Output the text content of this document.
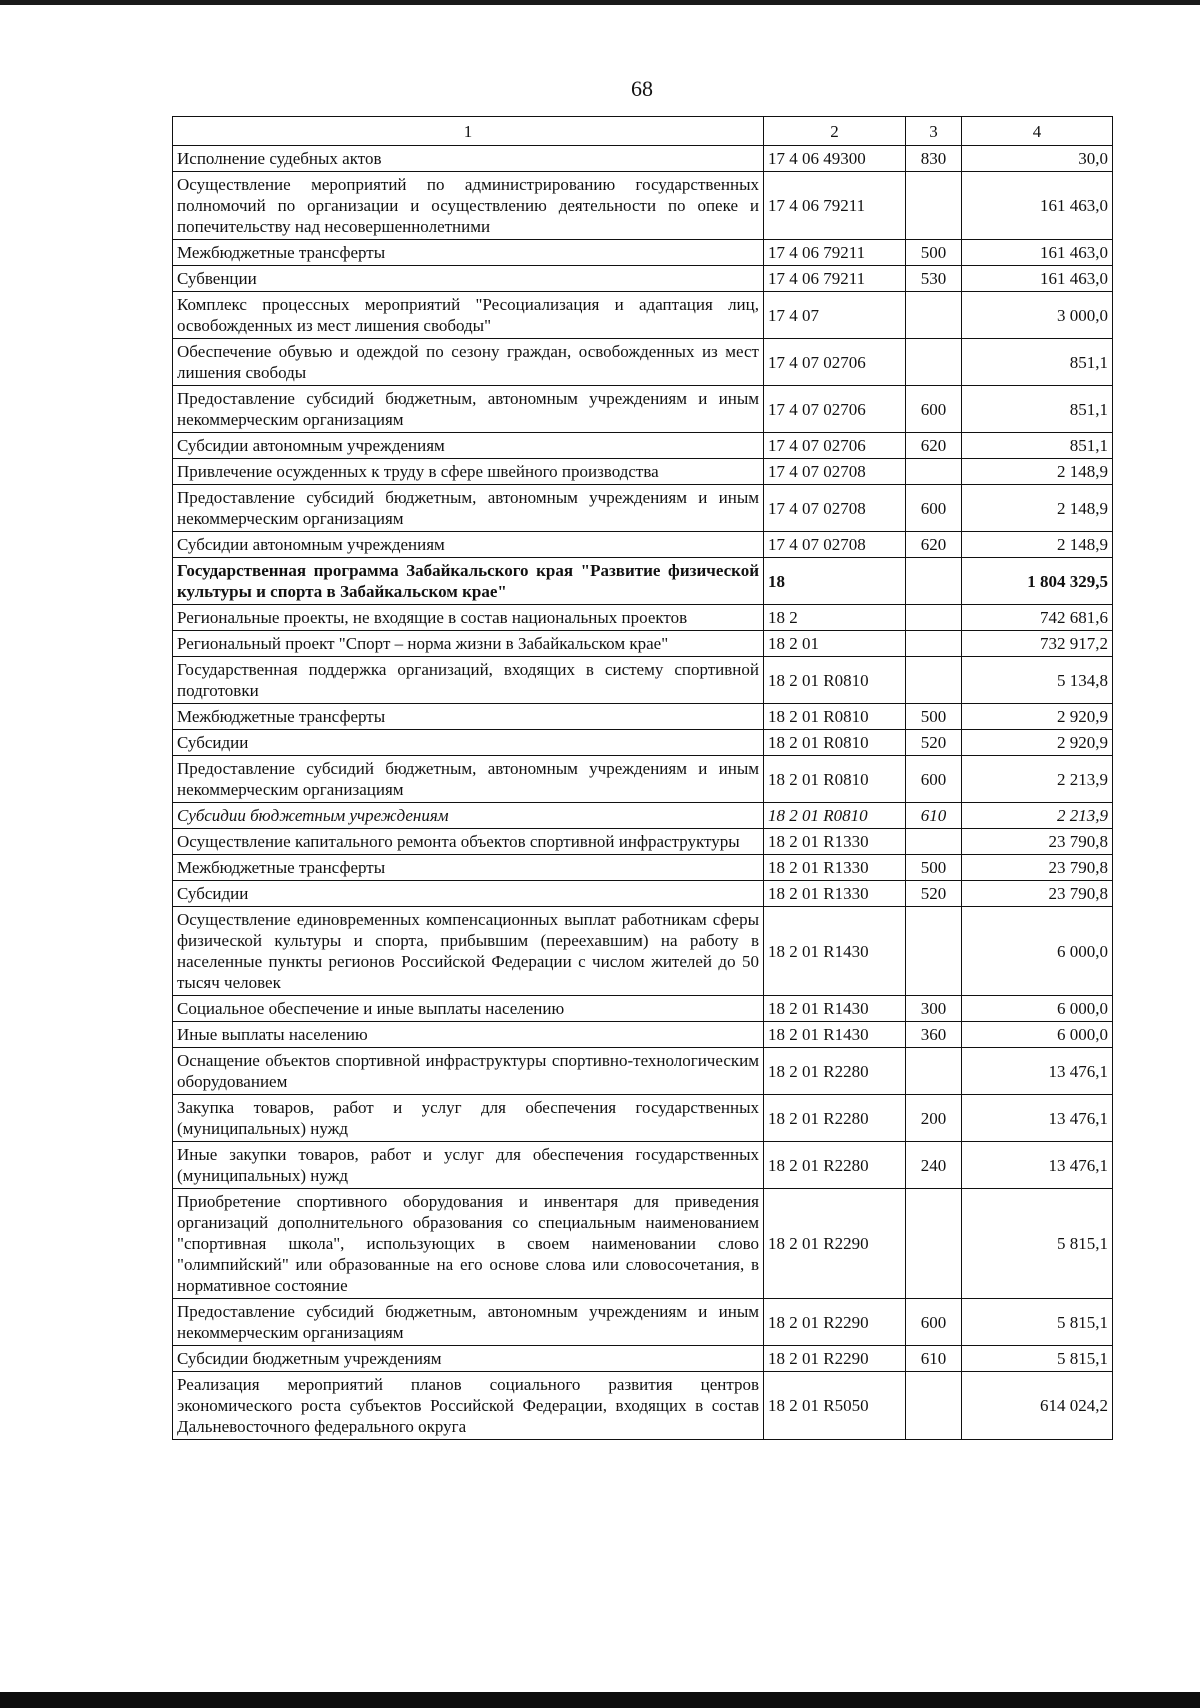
68
1	2	3	4
Исполнение судебных актов	17 4 06 49300	830	30,0
Осуществление мероприятий по администрированию государственных полномочий по организации и осуществлению деятельности по опеке и попечительству над несовершеннолетними	17 4 06 79211		161 463,0
Межбюджетные трансферты	17 4 06 79211	500	161 463,0
Субвенции	17 4 06 79211	530	161 463,0
Комплекс процессных мероприятий "Ресоциализация и адаптация лиц, освобожденных из мест лишения свободы"	17 4 07		3 000,0
Обеспечение обувью и одеждой по сезону граждан, освобожденных из мест лишения свободы	17 4 07 02706		851,1
Предоставление субсидий бюджетным, автономным учреждениям и иным некоммерческим организациям	17 4 07 02706	600	851,1
Субсидии автономным учреждениям	17 4 07 02706	620	851,1
Привлечение осужденных к труду в сфере швейного производства	17 4 07 02708		2 148,9
Предоставление субсидий бюджетным, автономным учреждениям и иным некоммерческим организациям	17 4 07 02708	600	2 148,9
Субсидии автономным учреждениям	17 4 07 02708	620	2 148,9
Государственная программа Забайкальского края "Развитие физической культуры и спорта в Забайкальском крае"	18		1 804 329,5
Региональные проекты, не входящие в состав национальных проектов	18 2		742 681,6
Региональный проект "Спорт – норма жизни в Забайкальском крае"	18 2 01		732 917,2
Государственная поддержка организаций, входящих в систему спортивной подготовки	18 2 01 R0810		5 134,8
Межбюджетные трансферты	18 2 01 R0810	500	2 920,9
Субсидии	18 2 01 R0810	520	2 920,9
Предоставление субсидий бюджетным, автономным учреждениям и иным некоммерческим организациям	18 2 01 R0810	600	2 213,9
Субсидии бюджетным учреждениям	18 2 01 R0810	610	2 213,9
Осуществление капитального ремонта объектов спортивной инфраструктуры	18 2 01 R1330		23 790,8
Межбюджетные трансферты	18 2 01 R1330	500	23 790,8
Субсидии	18 2 01 R1330	520	23 790,8
Осуществление единовременных компенсационных выплат работникам сферы физической культуры и спорта, прибывшим (переехавшим) на работу в населенные пункты регионов Российской Федерации с числом жителей до 50 тысяч человек	18 2 01 R1430		6 000,0
Социальное обеспечение и иные выплаты населению	18 2 01 R1430	300	6 000,0
Иные выплаты населению	18 2 01 R1430	360	6 000,0
Оснащение объектов спортивной инфраструктуры спортивно-технологическим оборудованием	18 2 01 R2280		13 476,1
Закупка товаров, работ и услуг для обеспечения государственных (муниципальных) нужд	18 2 01 R2280	200	13 476,1
Иные закупки товаров, работ и услуг для обеспечения государственных (муниципальных) нужд	18 2 01 R2280	240	13 476,1
Приобретение спортивного оборудования и инвентаря для приведения организаций дополнительного образования со специальным наименованием "спортивная школа", использующих в своем наименовании слово "олимпийский" или образованные на его основе слова или словосочетания, в нормативное состояние	18 2 01 R2290		5 815,1
Предоставление субсидий бюджетным, автономным учреждениям и иным некоммерческим организациям	18 2 01 R2290	600	5 815,1
Субсидии бюджетным учреждениям	18 2 01 R2290	610	5 815,1
Реализация мероприятий планов социального развития центров экономического роста субъектов Российской Федерации, входящих в состав Дальневосточного федерального округа	18 2 01 R5050		614 024,2
